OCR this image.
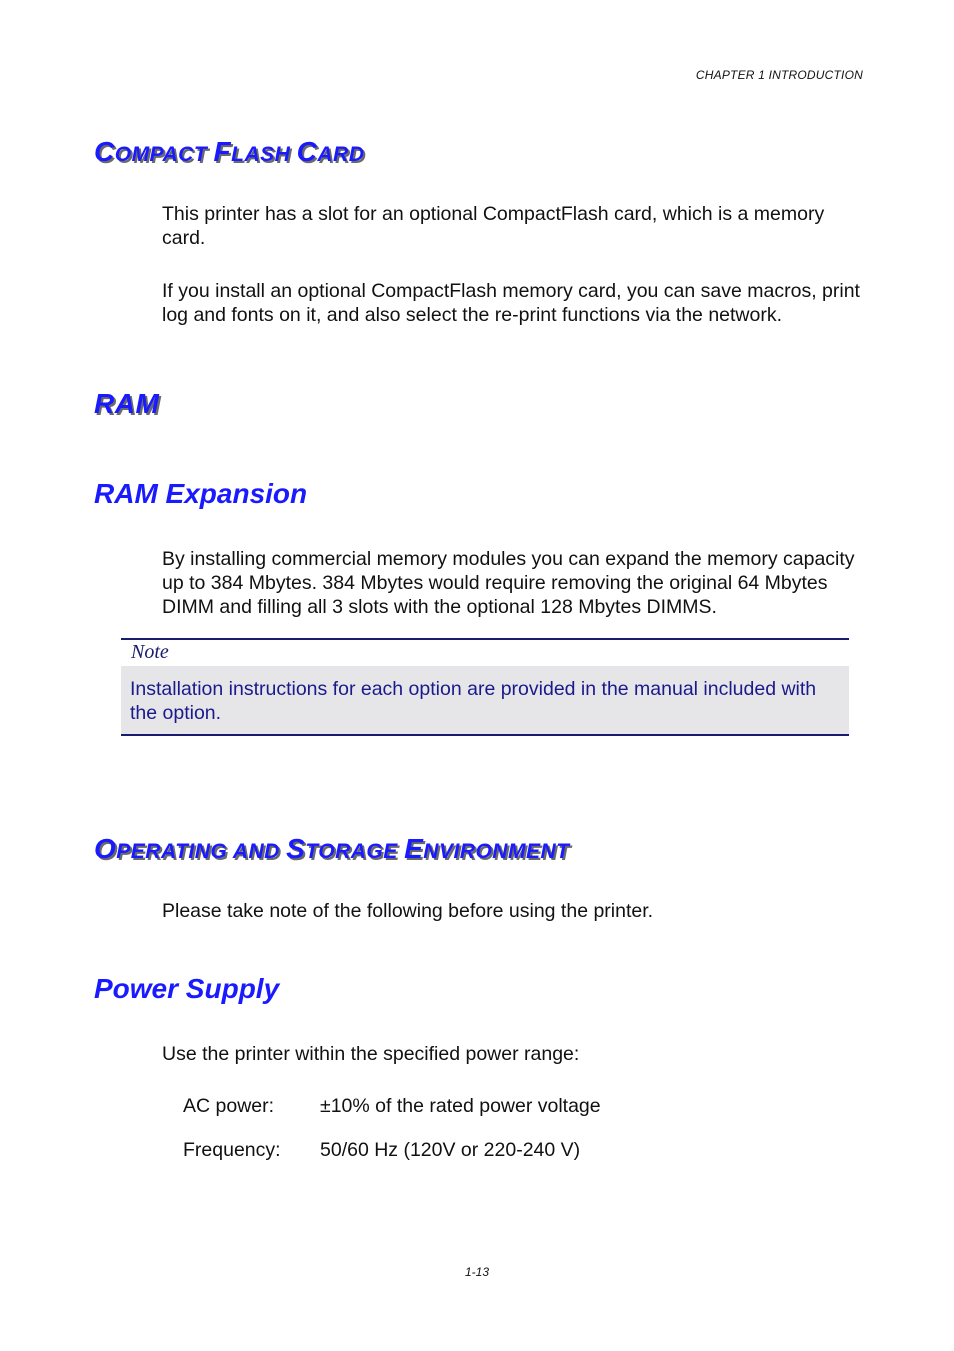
CHAPTER 1 INTRODUCTION
COMPACT FLASH CARD
This printer has a slot for an optional CompactFlash card, which is a memory card.
If you install an optional CompactFlash memory card, you can save macros, print log and fonts on it, and also select the re-print functions via the network.
RAM
RAM Expansion
By installing commercial memory modules you can expand the memory capacity up to 384 Mbytes. 384 Mbytes would require removing the original 64 Mbytes DIMM and filling all 3 slots with the optional 128 Mbytes DIMMS.
Note
Installation instructions for each option are provided in the manual included with the option.
OPERATING AND STORAGE ENVIRONMENT
Please take note of the following before using the printer.
Power Supply
Use the printer within the specified power range:
AC power: ±10% of the rated power voltage
Frequency: 50/60 Hz (120V or 220-240 V)
1-13
